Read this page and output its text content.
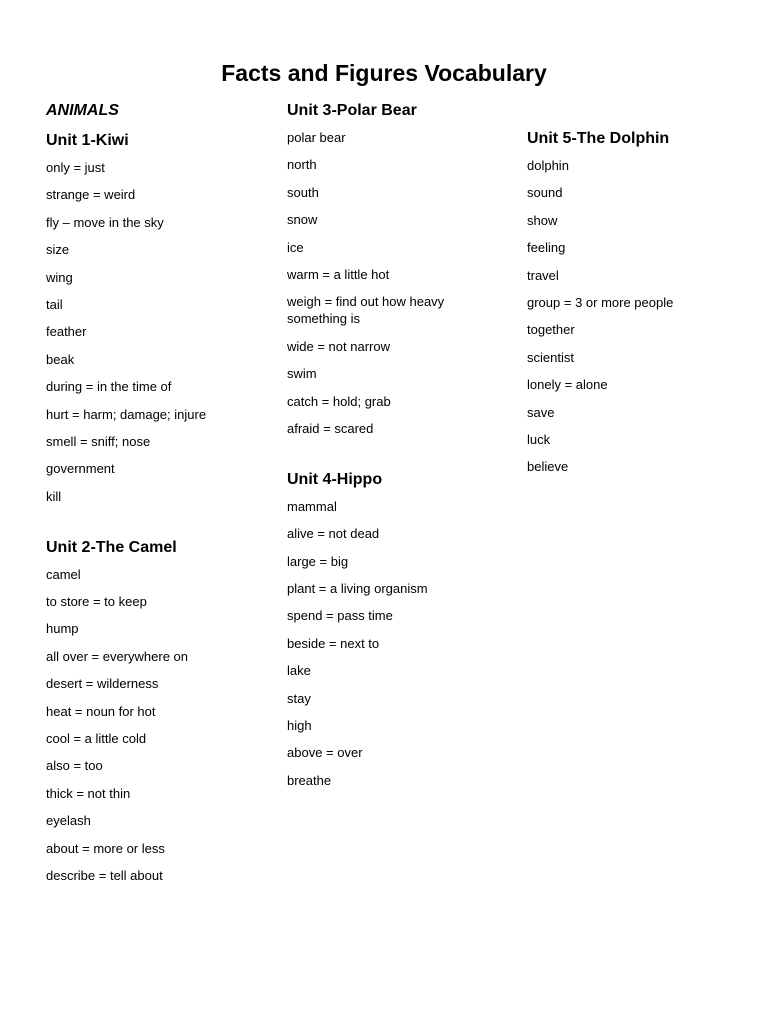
Facts and Figures Vocabulary
ANIMALS
Unit 1-Kiwi
only = just
strange = weird
fly – move in the sky
size
wing
tail
feather
beak
during = in the time of
hurt = harm; damage; injure
smell = sniff; nose
government
kill
Unit 2-The Camel
camel
to store = to keep
hump
all over = everywhere on
desert = wilderness
heat = noun for hot
cool = a little cold
also = too
thick = not thin
eyelash
about = more or less
describe = tell about
Unit 3-Polar Bear
polar bear
north
south
snow
ice
warm = a little hot
weigh = find out how heavy something is
wide = not narrow
swim
catch = hold; grab
afraid = scared
Unit 4-Hippo
mammal
alive = not dead
large = big
plant = a living organism
spend = pass time
beside = next to
lake
stay
high
above = over
breathe
Unit 5-The Dolphin
dolphin
sound
show
feeling
travel
group = 3 or more people
together
scientist
lonely = alone
save
luck
believe
